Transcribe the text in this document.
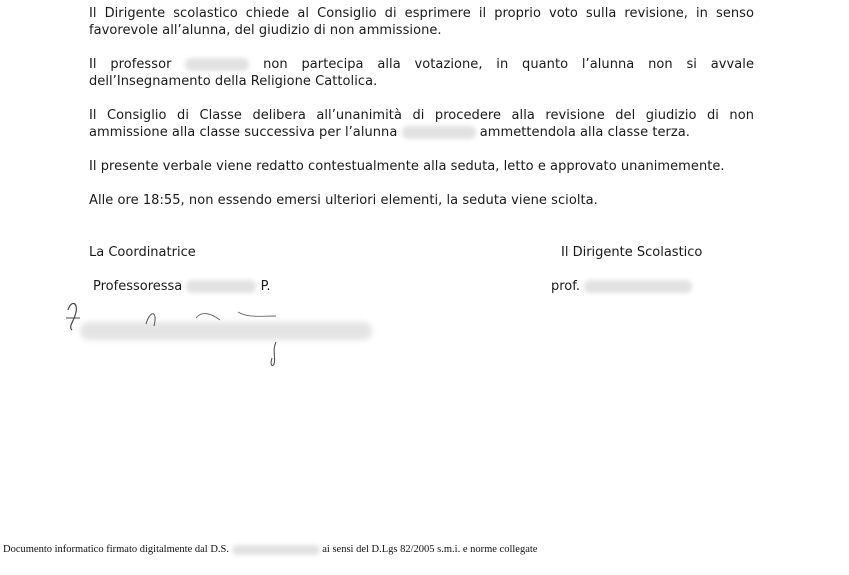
Il Dirigente scolastico chiede al Consiglio di esprimere il proprio voto sulla revisione, in senso favorevole all’alunna, del giudizio di non ammissione.

Il professor	non partecipa alla votazione, in quanto l’alunna non si avvale dell’Insegnamento della Religione Cattolica.

Il Consiglio di Classe delibera all’unanimità di procedere alla revisione del giudizio di non ammissione alla classe successiva per l’alunna	ammettendola alla classe terza.

Il presente verbale viene redatto contestualmente alla seduta, letto e approvato unanimemente.

Alle ore 18:55, non essendo emersi ulteriori elementi, la seduta viene sciolta.

La Coordinatrice	Il Dirigente Scolastico
Professoressa	P.	prof.
Documento informatico firmato digitalmente dal D.S.	ai sensi del D.Lgs 82/2005 s.m.i. e norme collegate
